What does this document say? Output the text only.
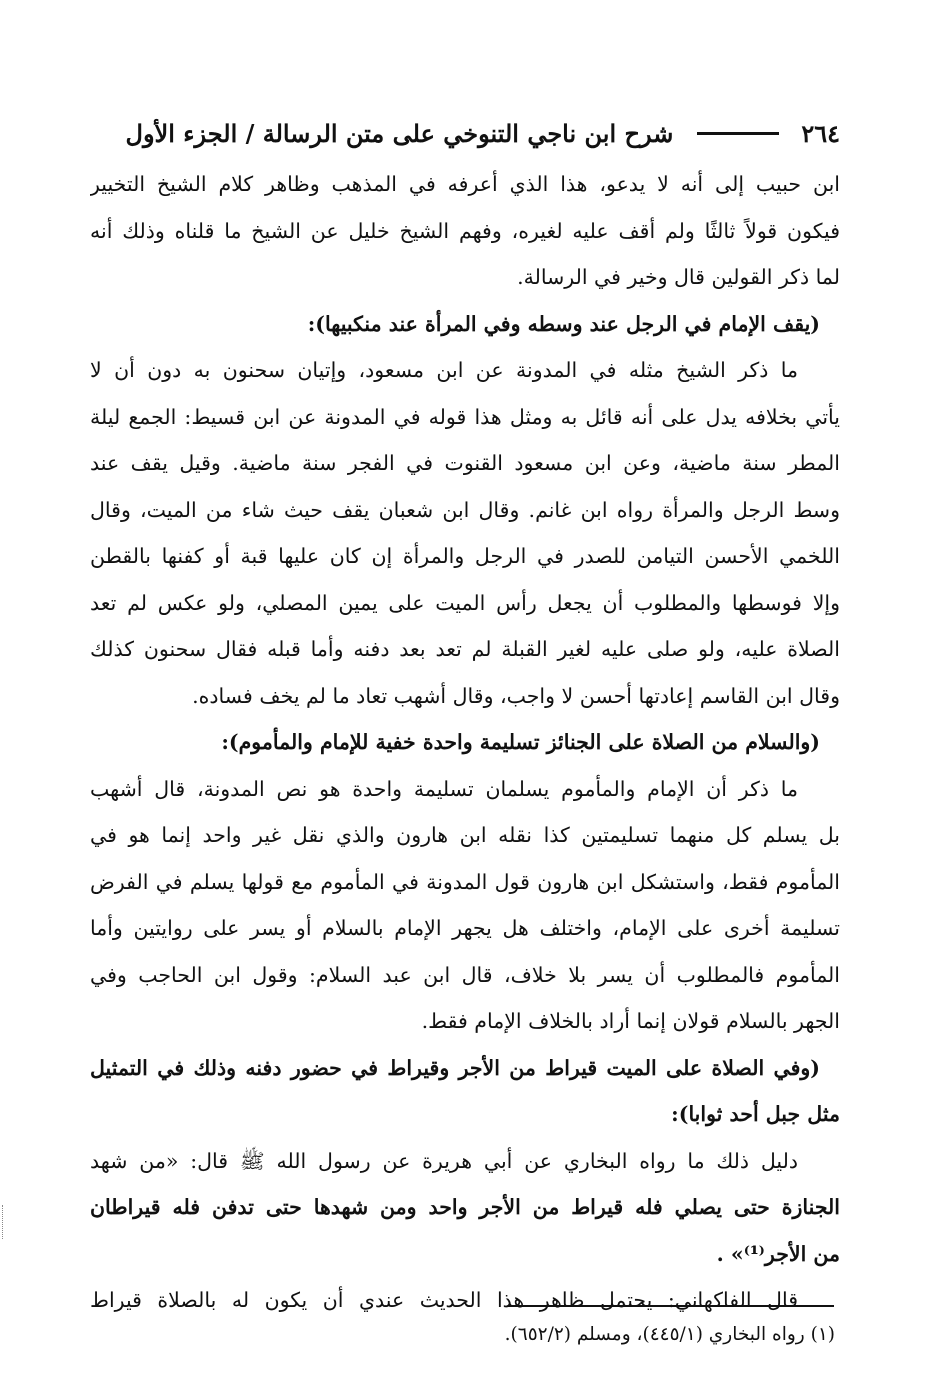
٢٦٤
شرح ابن ناجي التنوخي على متن الرسالة / الجزء الأول
ابن حبيب إلى أنه لا يدعو، هذا الذي أعرفه في المذهب وظاهر كلام الشيخ التخيير
فيكون قولاً ثالثًا ولم أقف عليه لغيره، وفهم الشيخ خليل عن الشيخ ما قلناه وذلك أنه
لما ذكر القولين قال وخير في الرسالة.
(يقف الإمام في الرجل عند وسطه وفي المرأة عند منكبيها):
ما ذكر الشيخ مثله في المدونة عن ابن مسعود، وإتيان سحنون به دون أن لا
يأتي بخلافه يدل على أنه قائل به ومثل هذا قوله في المدونة عن ابن قسيط: الجمع ليلة
المطر سنة ماضية، وعن ابن مسعود القنوت في الفجر سنة ماضية. وقيل يقف عند
وسط الرجل والمرأة رواه ابن غانم. وقال ابن شعبان يقف حيث شاء من الميت، وقال
اللخمي الأحسن التيامن للصدر في الرجل والمرأة إن كان عليها قبة أو كفنها بالقطن
وإلا فوسطها والمطلوب أن يجعل رأس الميت على يمين المصلي، ولو عكس لم تعد
الصلاة عليه، ولو صلى عليه لغير القبلة لم تعد بعد دفنه وأما قبله فقال سحنون كذلك
وقال ابن القاسم إعادتها أحسن لا واجب، وقال أشهب تعاد ما لم يخف فساده.
(والسلام من الصلاة على الجنائز تسليمة واحدة خفية للإمام والمأموم):
ما ذكر أن الإمام والمأموم يسلمان تسليمة واحدة هو نص المدونة، قال أشهب
بل يسلم كل منهما تسليمتين كذا نقله ابن هارون والذي نقل غير واحد إنما هو في
المأموم فقط، واستشكل ابن هارون قول المدونة في المأموم مع قولها يسلم في الفرض
تسليمة أخرى على الإمام، واختلف هل يجهر الإمام بالسلام أو يسر على روايتين وأما
المأموم فالمطلوب أن يسر بلا خلاف، قال ابن عبد السلام: وقول ابن الحاجب وفي
الجهر بالسلام قولان إنما أراد بالخلاف الإمام فقط.
(وفي الصلاة على الميت قيراط من الأجر وقيراط في حضور دفنه وذلك في التمثيل
مثل جبل أحد ثوابا):
دليل ذلك ما رواه البخاري عن أبي هريرة عن رسول الله ﷺ قال: «من شهد
الجنازة حتى يصلي فله قيراط من الأجر واحد ومن شهدها حتى تدفن فله قيراطان
من الأجر⁽¹⁾» .
قال الفاكهاني: يحتمل ظاهر هذا الحديث عندي أن يكون له بالصلاة قيراط
(١) رواه البخاري (٤٤٥/١)، ومسلم (٦٥٢/٢).
